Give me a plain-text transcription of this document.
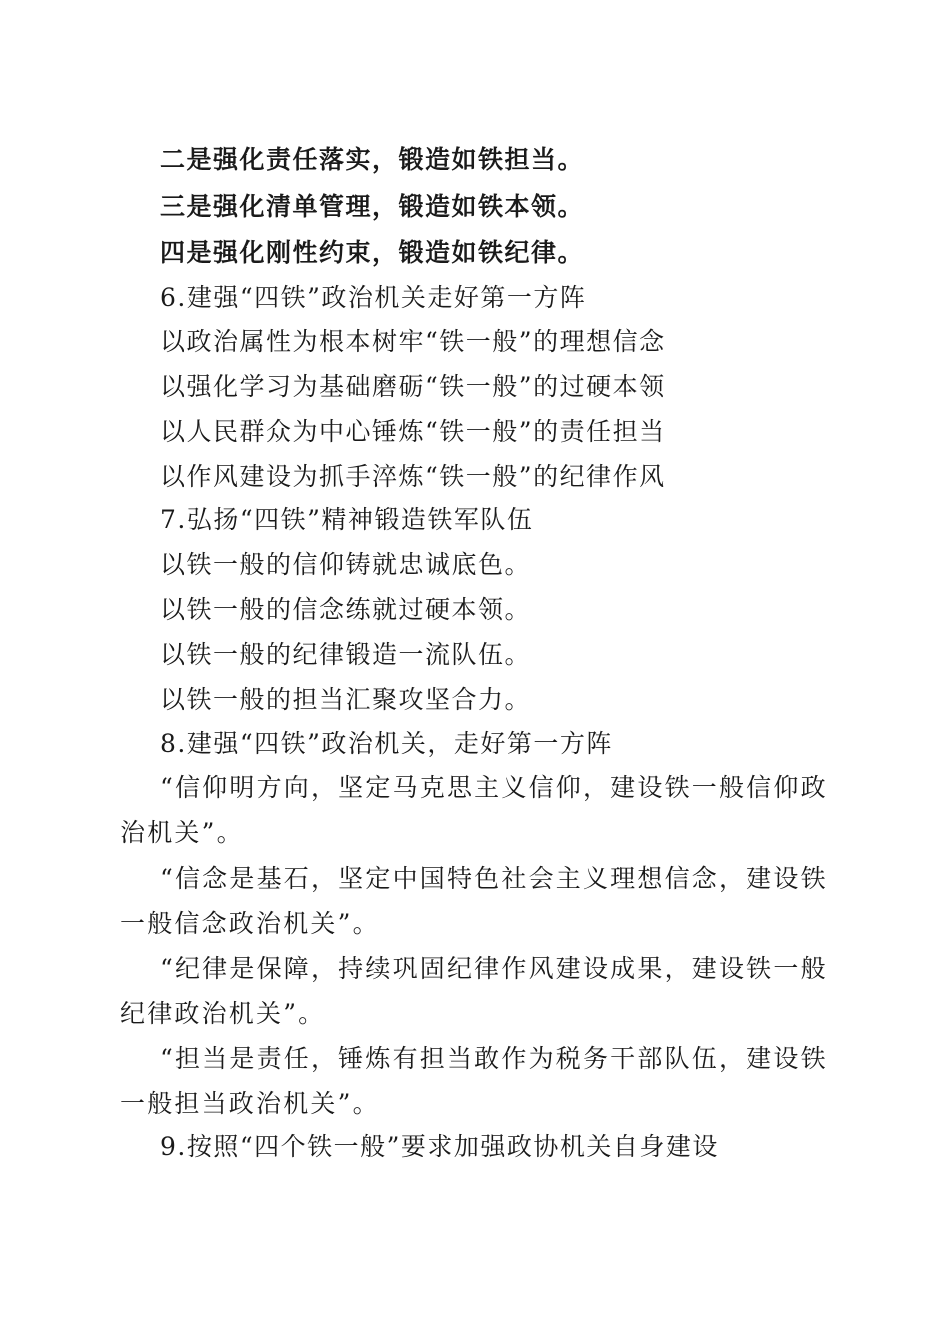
二是强化责任落实，锻造如铁担当。
三是强化清单管理，锻造如铁本领。
四是强化刚性约束，锻造如铁纪律。
6.建强“四铁”政治机关走好第一方阵
以政治属性为根本树牢“铁一般”的理想信念
以强化学习为基础磨砺“铁一般”的过硬本领
以人民群众为中心锤炼“铁一般”的责任担当
以作风建设为抓手淬炼“铁一般”的纪律作风
7.弘扬“四铁”精神锻造铁军队伍
以铁一般的信仰铸就忠诚底色。
以铁一般的信念练就过硬本领。
以铁一般的纪律锻造一流队伍。
以铁一般的担当汇聚攻坚合力。
8.建强“四铁”政治机关，走好第一方阵
“信仰明方向，坚定马克思主义信仰，建设铁一般信仰政治机关”。
“信念是基石，坚定中国特色社会主义理想信念，建设铁一般信念政治机关”。
“纪律是保障，持续巩固纪律作风建设成果，建设铁一般纪律政治机关”。
“担当是责任，锤炼有担当敢作为税务干部队伍，建设铁一般担当政治机关”。
9.按照“四个铁一般”要求加强政协机关自身建设
